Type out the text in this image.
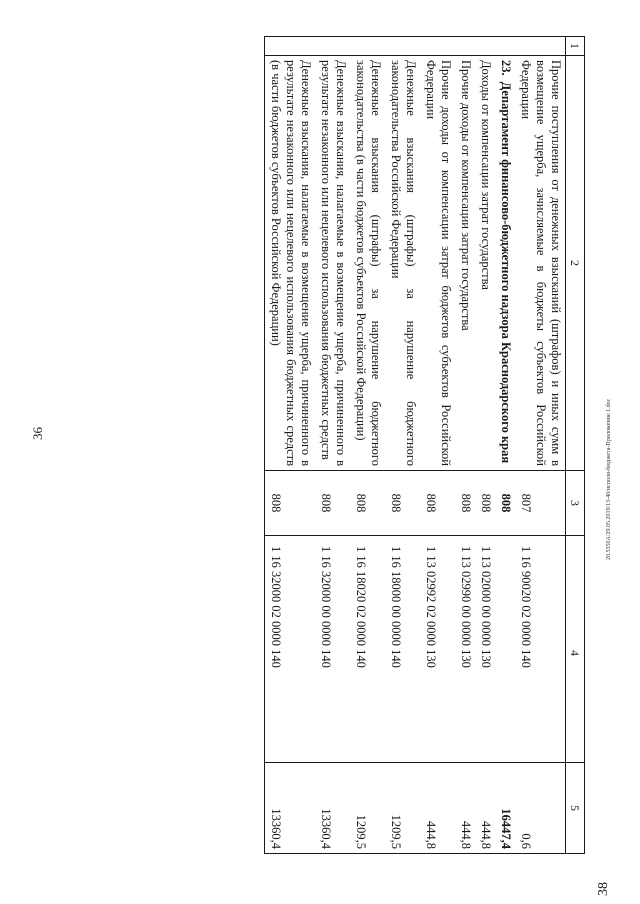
36	20.5350A/29.05.2019/13-40/исполн-бюджета-Приложение 1.doc
38
1	2	3	4	5
	Прочие поступления от денежных взысканий (штрафов) и иных сумм в возмещение ущерба, зачисляемые в бюджеты субъектов Российской Федерации	807	1 16 90020 02 0000 140	0,6
	23.Департамент финансово-бюджетного надзора Краснодарского края	808		16447,4
	Доходы от компенсации затрат государства	808	1 13 02000 00 0000 130	444,8
	Прочие доходы от компенсации затрат государства	808	1 13 02990 00 0000 130	444,8
	Прочие доходы от компенсации затрат бюджетов субъектов Российской Федерации	808	1 13 02992 02 0000 130	444,8
	Денежные взыскания (штрафы) за нарушение бюджетного законодательства Российской Федерации	808	1 16 18000 00 0000 140	1209,5
	Денежные взыскания (штрафы) за нарушение бюджетного законодательства (в части бюджетов субъектов Российской Федерации)	808	1 16 18020 02 0000 140	1209,5
	Денежные взыскания, налагаемые в возмещение ущерба, причиненного в результате незаконного или нецелевого использования бюджетных средств	808	1 16 32000 00 0000 140	13360,4
	Денежные взыскания, налагаемые в возмещение ущерба, причиненного в результате незаконного или нецелевого использования бюджетных средств (в части бюджетов субъектов Российской Федерации)	808	1 16 32000 02 0000 140	13360,4
